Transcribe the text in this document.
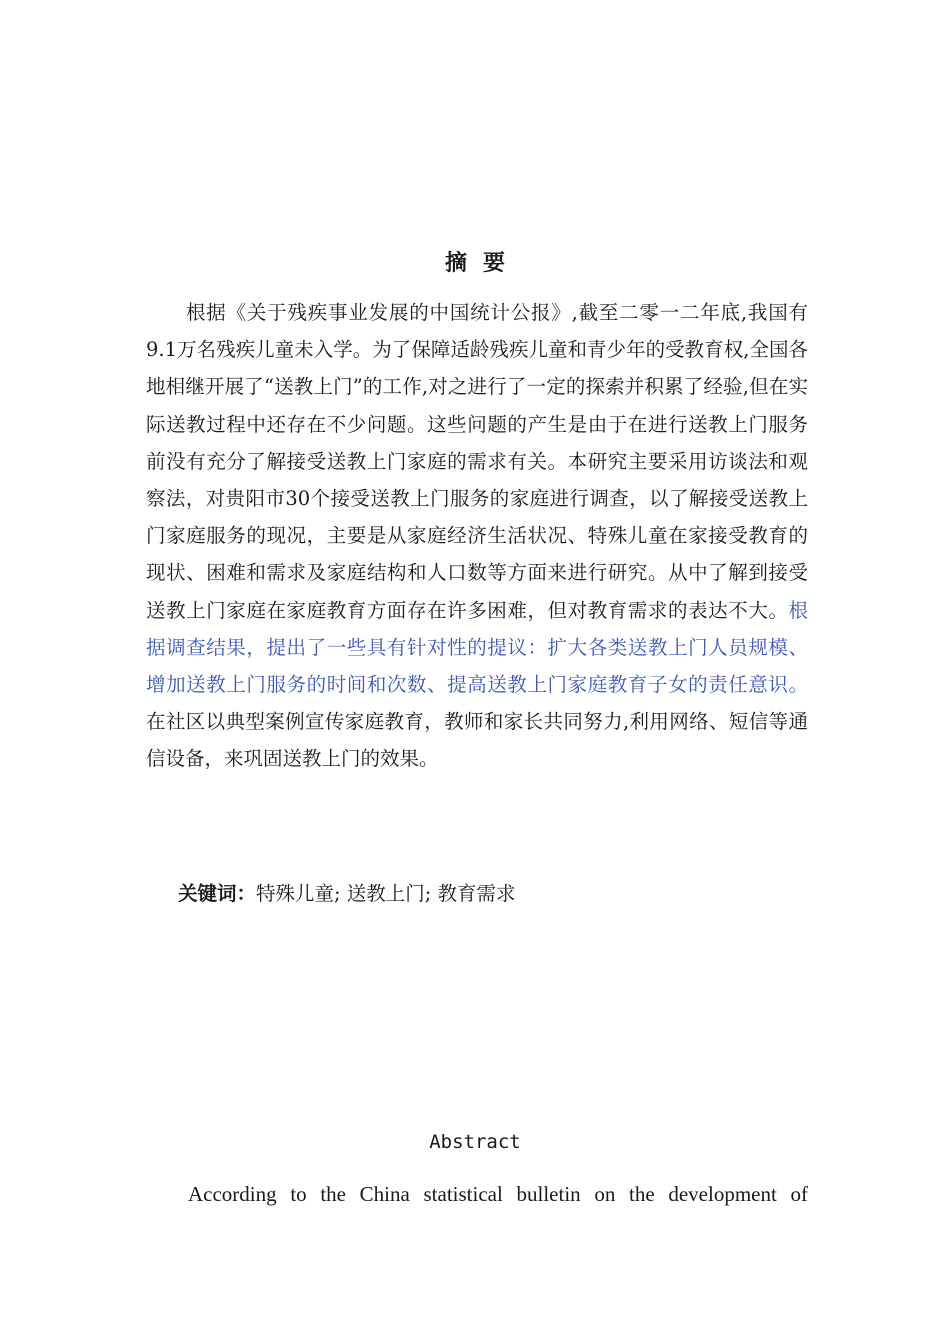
摘要

根据《关于残疾事业发展的中国统计公报》,截至二零一二年底,我国有9.1万名残疾儿童未入学。为了保障适龄残疾儿童和青少年的受教育权,全国各地相继开展了“送教上门”的工作,对之进行了一定的探索并积累了经验,但在实际送教过程中还存在不少问题。这些问题的产生是由于在进行送教上门服务前没有充分了解接受送教上门家庭的需求有关。本研究主要采用访谈法和观察法，对贵阳市30个接受送教上门服务的家庭进行调查，以了解接受送教上门家庭服务的现况，主要是从家庭经济生活状况、特殊儿童在家接受教育的现状、困难和需求及家庭结构和人口数等方面来进行研究。从中了解到接受送教上门家庭在家庭教育方面存在许多困难，但对教育需求的表达不大。根据调查结果，提出了一些具有针对性的提议：扩大各类送教上门人员规模、增加送教上门服务的时间和次数、提高送教上门家庭教育子女的责任意识。在社区以典型案例宣传家庭教育，教师和家长共同努力,利用网络、短信等通信设备，来巩固送教上门的效果。

关键词：特殊儿童; 送教上门; 教育需求

Abstract

According to the China statistical bulletin on the development of
